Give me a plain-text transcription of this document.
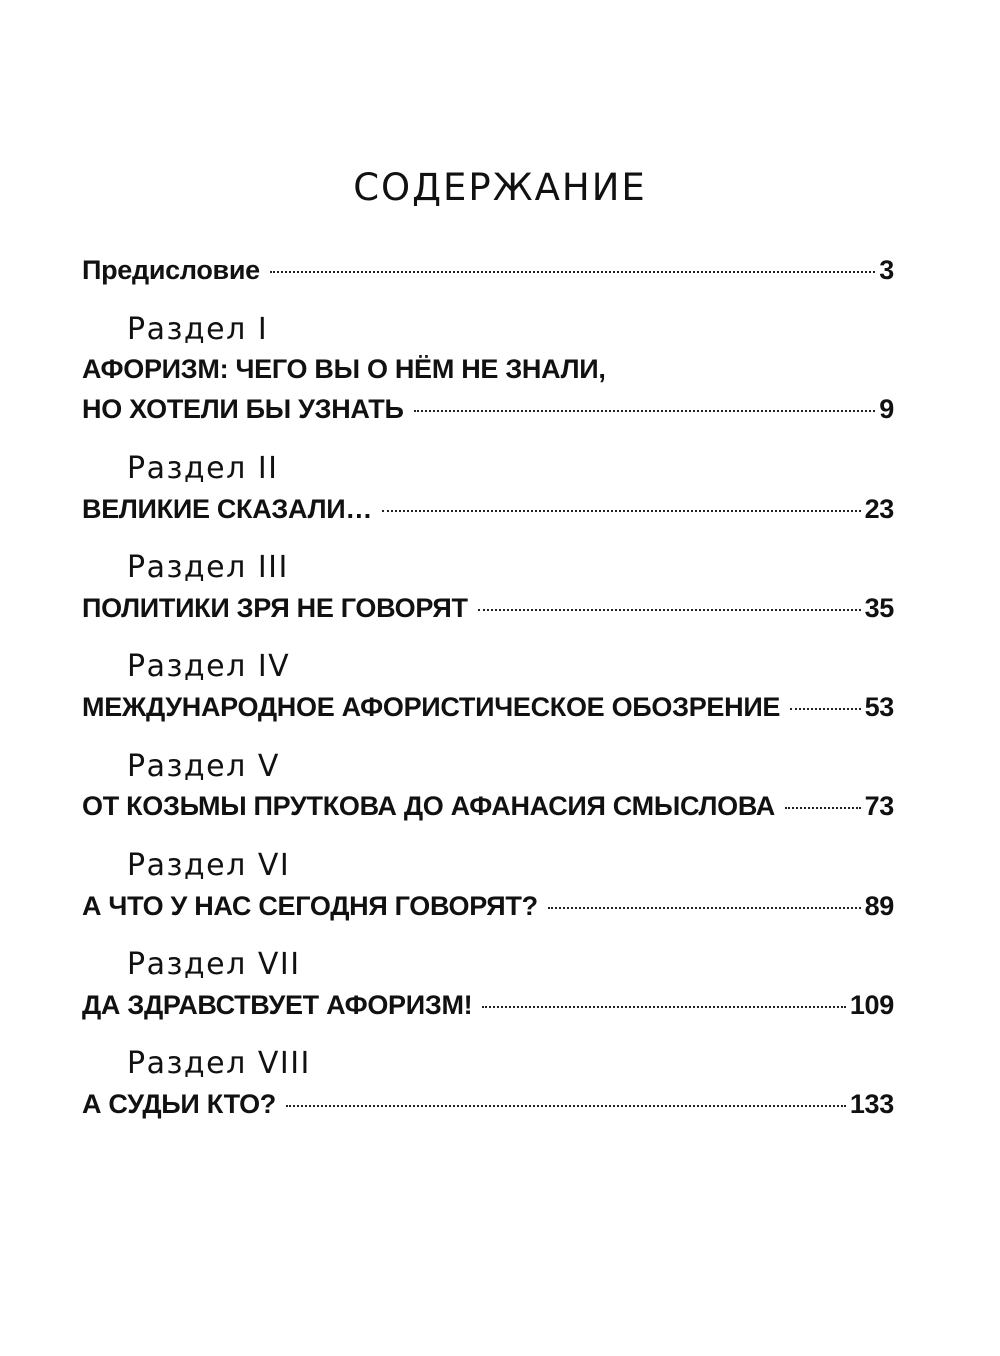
СОДЕРЖАНИЕ
Предисловие	3
Раздел I
АФОРИЗМ: ЧЕГО ВЫ О НЁМ НЕ ЗНАЛИ,
НО ХОТЕЛИ БЫ УЗНАТЬ	9
Раздел II
ВЕЛИКИЕ СКАЗАЛИ…	23
Раздел III
ПОЛИТИКИ ЗРЯ НЕ ГОВОРЯТ	35
Раздел IV
МЕЖДУНАРОДНОЕ АФОРИСТИЧЕСКОЕ ОБОЗРЕНИЕ	53
Раздел V
ОТ КОЗЬМЫ ПРУТКОВА ДО АФАНАСИЯ СМЫСЛОВА	73
Раздел VI
А ЧТО У НАС СЕГОДНЯ ГОВОРЯТ?	89
Раздел VII
ДА ЗДРАВСТВУЕТ АФОРИЗМ!	109
Раздел VIII
А СУДЬИ КТО?	133
